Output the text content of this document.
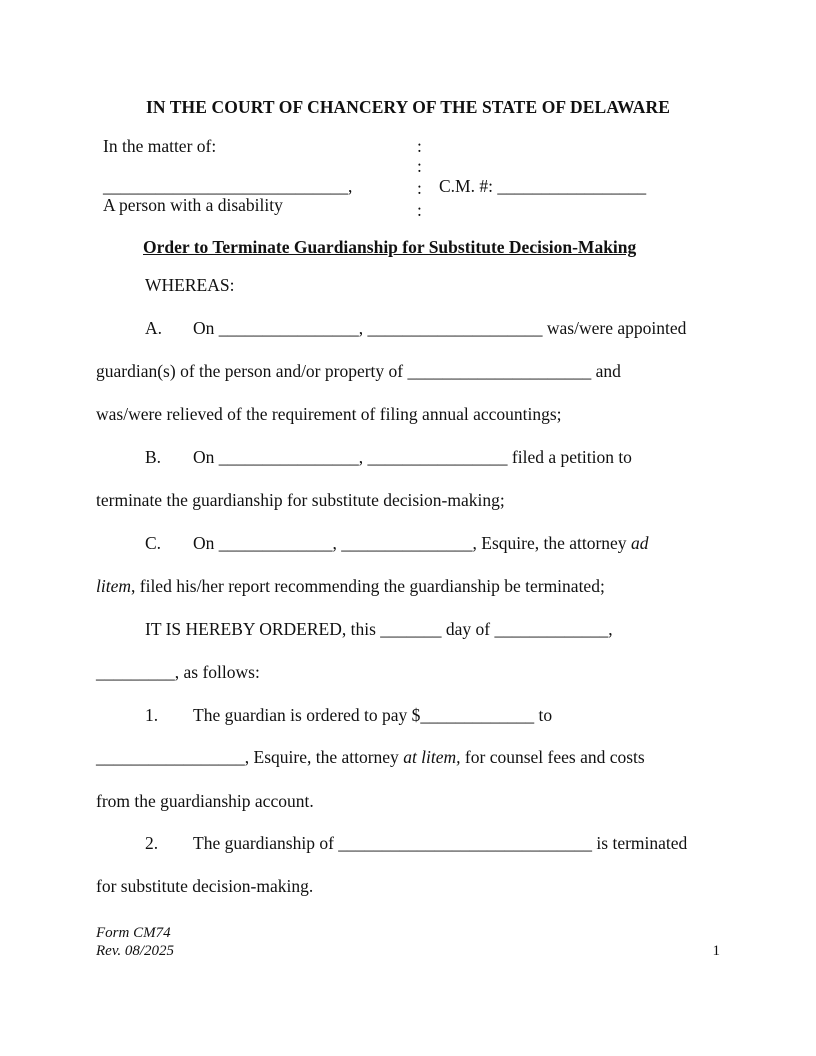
IN THE COURT OF CHANCERY OF THE STATE OF DELAWARE
In the matter of:
____________________________,
A person with a disability
C.M. #: _________________
:
:
:
:
Order to Terminate Guardianship for Substitute Decision-Making
WHEREAS:
A. On ________________, ____________________ was/were appointed
guardian(s) of the person and/or property of _____________________ and
was/were relieved of the requirement of filing annual accountings;
B. On ________________, ________________ filed a petition to
terminate the guardianship for substitute decision-making;
C. On _____________, _______________, Esquire, the attorney ad
litem, filed his/her report recommending the guardianship be terminated;
IT IS HEREBY ORDERED, this _______ day of _____________,
_________, as follows:
1. The guardian is ordered to pay $_____________ to
_________________, Esquire, the attorney at litem, for counsel fees and costs
from the guardianship account.
2. The guardianship of _____________________________ is terminated
for substitute decision-making.
Form CM74
Rev. 08/2025	1
